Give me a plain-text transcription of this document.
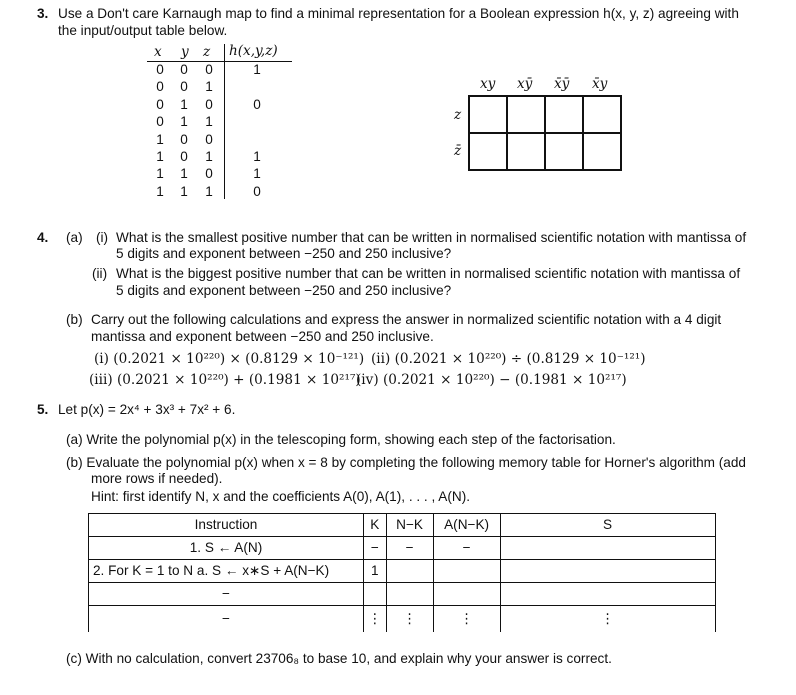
3. Use a Don't care Karnaugh map to find a minimal representation for a Boolean expression h(x, y, z) agreeing with
the input/output table below.
x y z h(x,y,z)
0 0 0	1
0 0 1
0 1 0	0
0 1 1
1 0 0
1 0 1	1
1 1 0	1
1 1 1	0
xy xȳ x̄ȳ x̄y
z
z̄

4. (a) (i) What is the smallest positive number that can be written in normalised scientific notation with mantissa of
5 digits and exponent between −250 and 250 inclusive?
(ii) What is the biggest positive number that can be written in normalised scientific notation with mantissa of
5 digits and exponent between −250 and 250 inclusive?
(b) Carry out the following calculations and express the answer in normalized scientific notation with a 4 digit
mantissa and exponent between −250 and 250 inclusive.
(i) (0.2021 × 10²²⁰) × (0.8129 × 10⁻¹²¹) (ii) (0.2021 × 10²²⁰) ÷ (0.8129 × 10⁻¹²¹)
(iii) (0.2021 × 10²²⁰) + (0.1981 × 10²¹⁷)
(iv) (0.2021 × 10²²⁰) − (0.1981 × 10²¹⁷)
5. Let p(x) = 2x⁴ + 3x³ + 7x² + 6.
(a) Write the polynomial p(x) in the telescoping form, showing each step of the factorisation.
(b) Evaluate the polynomial p(x) when x = 8 by completing the following memory table for Horner's algorithm (add
more rows if needed).
Hint: first identify N, x and the coefficients A(0), A(1), . . . , A(N).
Instruction	K	N−K	A(N−K)	S
1. S ← A(N)	−	−	−	
2. For K = 1 to N a. S ← x∗S + A(N−K)	1			
−				
−	⋮	⋮	⋮	⋮
(c) With no calculation, convert 23706₈ to base 10, and explain why your answer is correct.
